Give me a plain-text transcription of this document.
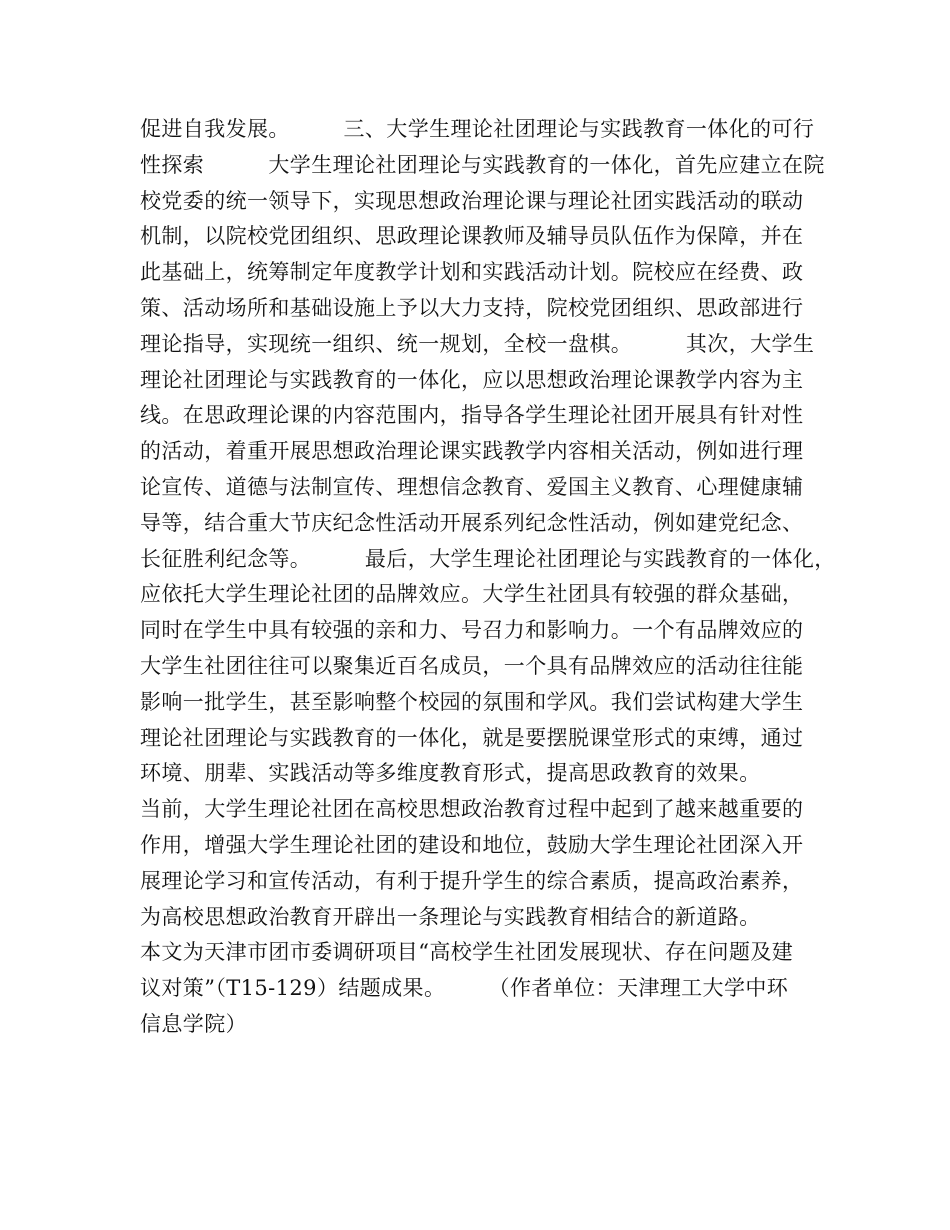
促进自我发展。　　　三、大学生理论社团理论与实践教育一体化的可行
性探索　　　大学生理论社团理论与实践教育的一体化，首先应建立在院
校党委的统一领导下，实现思想政治理论课与理论社团实践活动的联动
机制，以院校党团组织、思政理论课教师及辅导员队伍作为保障，并在
此基础上，统筹制定年度教学计划和实践活动计划。院校应在经费、政
策、活动场所和基础设施上予以大力支持，院校党团组织、思政部进行
理论指导，实现统一组织、统一规划，全校一盘棋。　　　其次，大学生
理论社团理论与实践教育的一体化，应以思想政治理论课教学内容为主
线。在思政理论课的内容范围内，指导各学生理论社团开展具有针对性
的活动，着重开展思想政治理论课实践教学内容相关活动，例如进行理
论宣传、道德与法制宣传、理想信念教育、爱国主义教育、心理健康辅
导等，结合重大节庆纪念性活动开展系列纪念性活动，例如建党纪念、
长征胜利纪念等。　　　最后，大学生理论社团理论与实践教育的一体化，
应依托大学生理论社团的品牌效应。大学生社团具有较强的群众基础，
同时在学生中具有较强的亲和力、号召力和影响力。一个有品牌效应的
大学生社团往往可以聚集近百名成员，一个具有品牌效应的活动往往能
影响一批学生，甚至影响整个校园的氛围和学风。我们尝试构建大学生
理论社团理论与实践教育的一体化，就是要摆脱课堂形式的束缚，通过
环境、朋辈、实践活动等多维度教育形式，提高思政教育的效果。
当前，大学生理论社团在高校思想政治教育过程中起到了越来越重要的
作用，增强大学生理论社团的建设和地位，鼓励大学生理论社团深入开
展理论学习和宣传活动，有利于提升学生的综合素质，提高政治素养，
为高校思想政治教育开辟出一条理论与实践教育相结合的新道路。
本文为天津市团市委调研项目“高校学生社团发展现状、存在问题及建
议对策”（T15-129）结题成果。　　　（作者单位：天津理工大学中环
信息学院）
